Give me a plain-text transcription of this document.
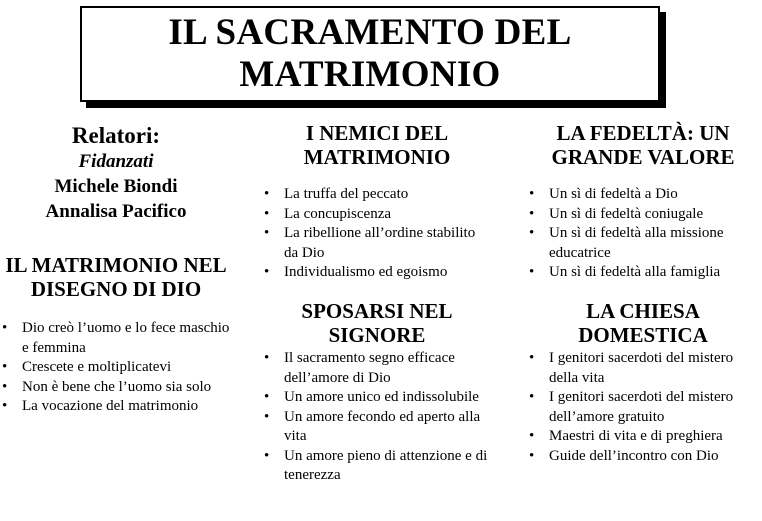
IL SACRAMENTO DEL
MATRIMONIO
Relatori:
Fidanzati
Michele Biondi
Annalisa Pacifico
IL MATRIMONIO NEL
DISEGNO DI DIO
• Dio creò l’uomo e lo fece maschio e femmina
• Crescete e moltiplicatevi
• Non è bene che l’uomo sia solo
• La vocazione del matrimonio
I NEMICI DEL
MATRIMONIO
• La truffa del peccato
• La concupiscenza
• La ribellione all’ordine stabilito da Dio
• Individualismo ed egoismo
SPOSARSI NEL
SIGNORE
• Il sacramento segno efficace dell’amore di Dio
• Un amore unico ed indissolubile
• Un amore fecondo ed aperto alla vita
• Un amore pieno di attenzione e di tenerezza
LA FEDELTÀ: UN
GRANDE VALORE
• Un sì di fedeltà a Dio
• Un sì di fedeltà coniugale
• Un sì di fedeltà alla missione educatrice
• Un sì di fedeltà alla famiglia
LA CHIESA
DOMESTICA
• I genitori sacerdoti del mistero della vita
• I genitori sacerdoti del mistero dell’amore gratuito
• Maestri di vita e di preghiera
• Guide dell’incontro con Dio
